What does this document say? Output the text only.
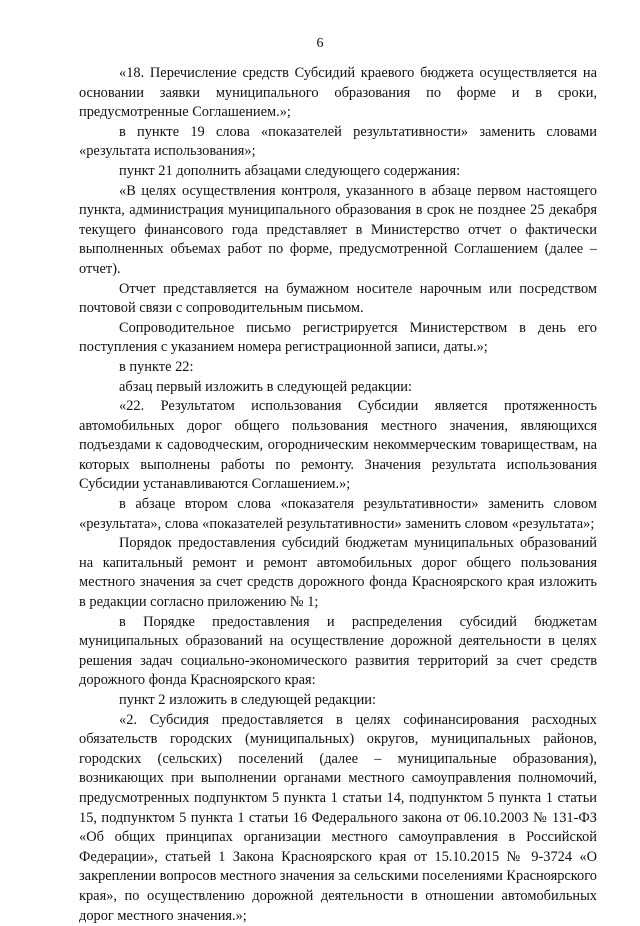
6

«18. Перечисление средств Субсидий краевого бюджета осуществляется на основании заявки муниципального образования по форме и в сроки, предусмотренные Соглашением.»;

в пункте 19 слова «показателей результативности» заменить словами «результата использования»;

пункт 21 дополнить абзацами следующего содержания:

«В целях осуществления контроля, указанного в абзаце первом настоящего пункта, администрация муниципального образования в срок не позднее 25 декабря текущего финансового года представляет в Министерство отчет о фактически выполненных объемах работ по форме, предусмотренной Соглашением (далее – отчет).

Отчет представляется на бумажном носителе нарочным или посредством почтовой связи с сопроводительным письмом.

Сопроводительное письмо регистрируется Министерством в день его поступления с указанием номера регистрационной записи, даты.»;

в пункте 22:

абзац первый изложить в следующей редакции:

«22. Результатом использования Субсидии является протяженность автомобильных дорог общего пользования местного значения, являющихся подъездами к садоводческим, огородническим некоммерческим товариществам, на которых выполнены работы по ремонту. Значения результата использования Субсидии устанавливаются Соглашением.»;

в абзаце втором слова «показателя результативности» заменить словом «результата», слова «показателей результативности» заменить словом «результата»;

Порядок предоставления субсидий бюджетам муниципальных образований на капитальный ремонт и ремонт автомобильных дорог общего пользования местного значения за счет средств дорожного фонда Красноярского края изложить в редакции согласно приложению № 1;

в Порядке предоставления и распределения субсидий бюджетам муниципальных образований на осуществление дорожной деятельности в целях решения задач социально-экономического развития территорий за счет средств дорожного фонда Красноярского края:

пункт 2 изложить в следующей редакции:

«2. Субсидия предоставляется в целях софинансирования расходных обязательств городских (муниципальных) округов, муниципальных районов, городских (сельских) поселений (далее – муниципальные образования), возникающих при выполнении органами местного самоуправления полномочий, предусмотренных подпунктом 5 пункта 1 статьи 14, подпунктом 5 пункта 1 статьи 15, подпунктом 5 пункта 1 статьи 16 Федерального закона от 06.10.2003 № 131-ФЗ «Об общих принципах организации местного самоуправления в Российской Федерации», статьей 1 Закона Красноярского края от 15.10.2015 № 9-3724 «О закреплении вопросов местного значения за сельскими поселениями Красноярского края», по осуществлению дорожной деятельности в отношении автомобильных дорог местного значения.»;
